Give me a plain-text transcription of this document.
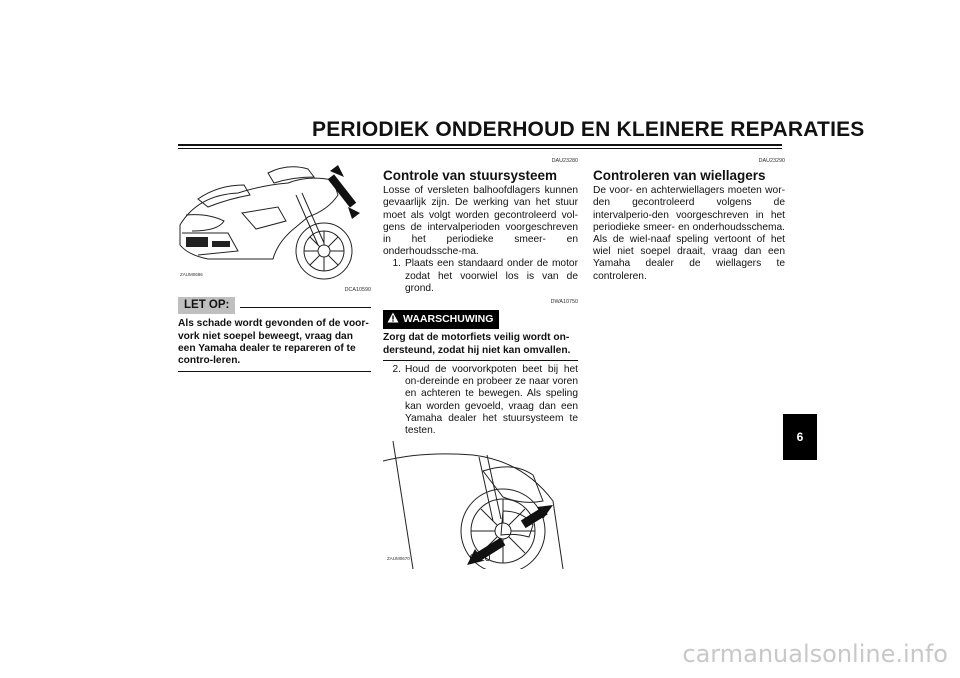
PERIODIEK ONDERHOUD EN KLEINERE REPARATIES
ZAUM0686
DCA10590
LET OP:
Als schade wordt gevonden of de voor-vork niet soepel beweegt, vraag dan een Yamaha dealer te repareren of te contro-leren.
DAU23280
Controle van stuursysteem
Losse of versleten balhoofdlagers kunnen gevaarlijk zijn. De werking van het stuur moet als volgt worden gecontroleerd vol-gens de intervalperioden voorgeschreven in het periodieke smeer- en onderhoudssche-ma.
1. Plaats een standaard onder de motor zodat het voorwiel los is van de grond.
DWA10750
WAARSCHUWING
Zorg dat de motorfiets veilig wordt on-dersteund, zodat hij niet kan omvallen.
2. Houd de voorvorkpoten beet bij het on-dereinde en probeer ze naar voren en achteren te bewegen. Als speling kan worden gevoeld, vraag dan een Yamaha dealer het stuursysteem te testen.
ZAUM0670
DAU23290
Controleren van wiellagers
De voor- en achterwiellagers moeten wor-den gecontroleerd volgens de intervalperio-den voorgeschreven in het periodieke smeer- en onderhoudsschema. Als de wiel-naaf speling vertoont of het wiel niet soepel draait, vraag dan een Yamaha dealer de wiellagers te controleren.
6
6-20
carmanualsonline.info
